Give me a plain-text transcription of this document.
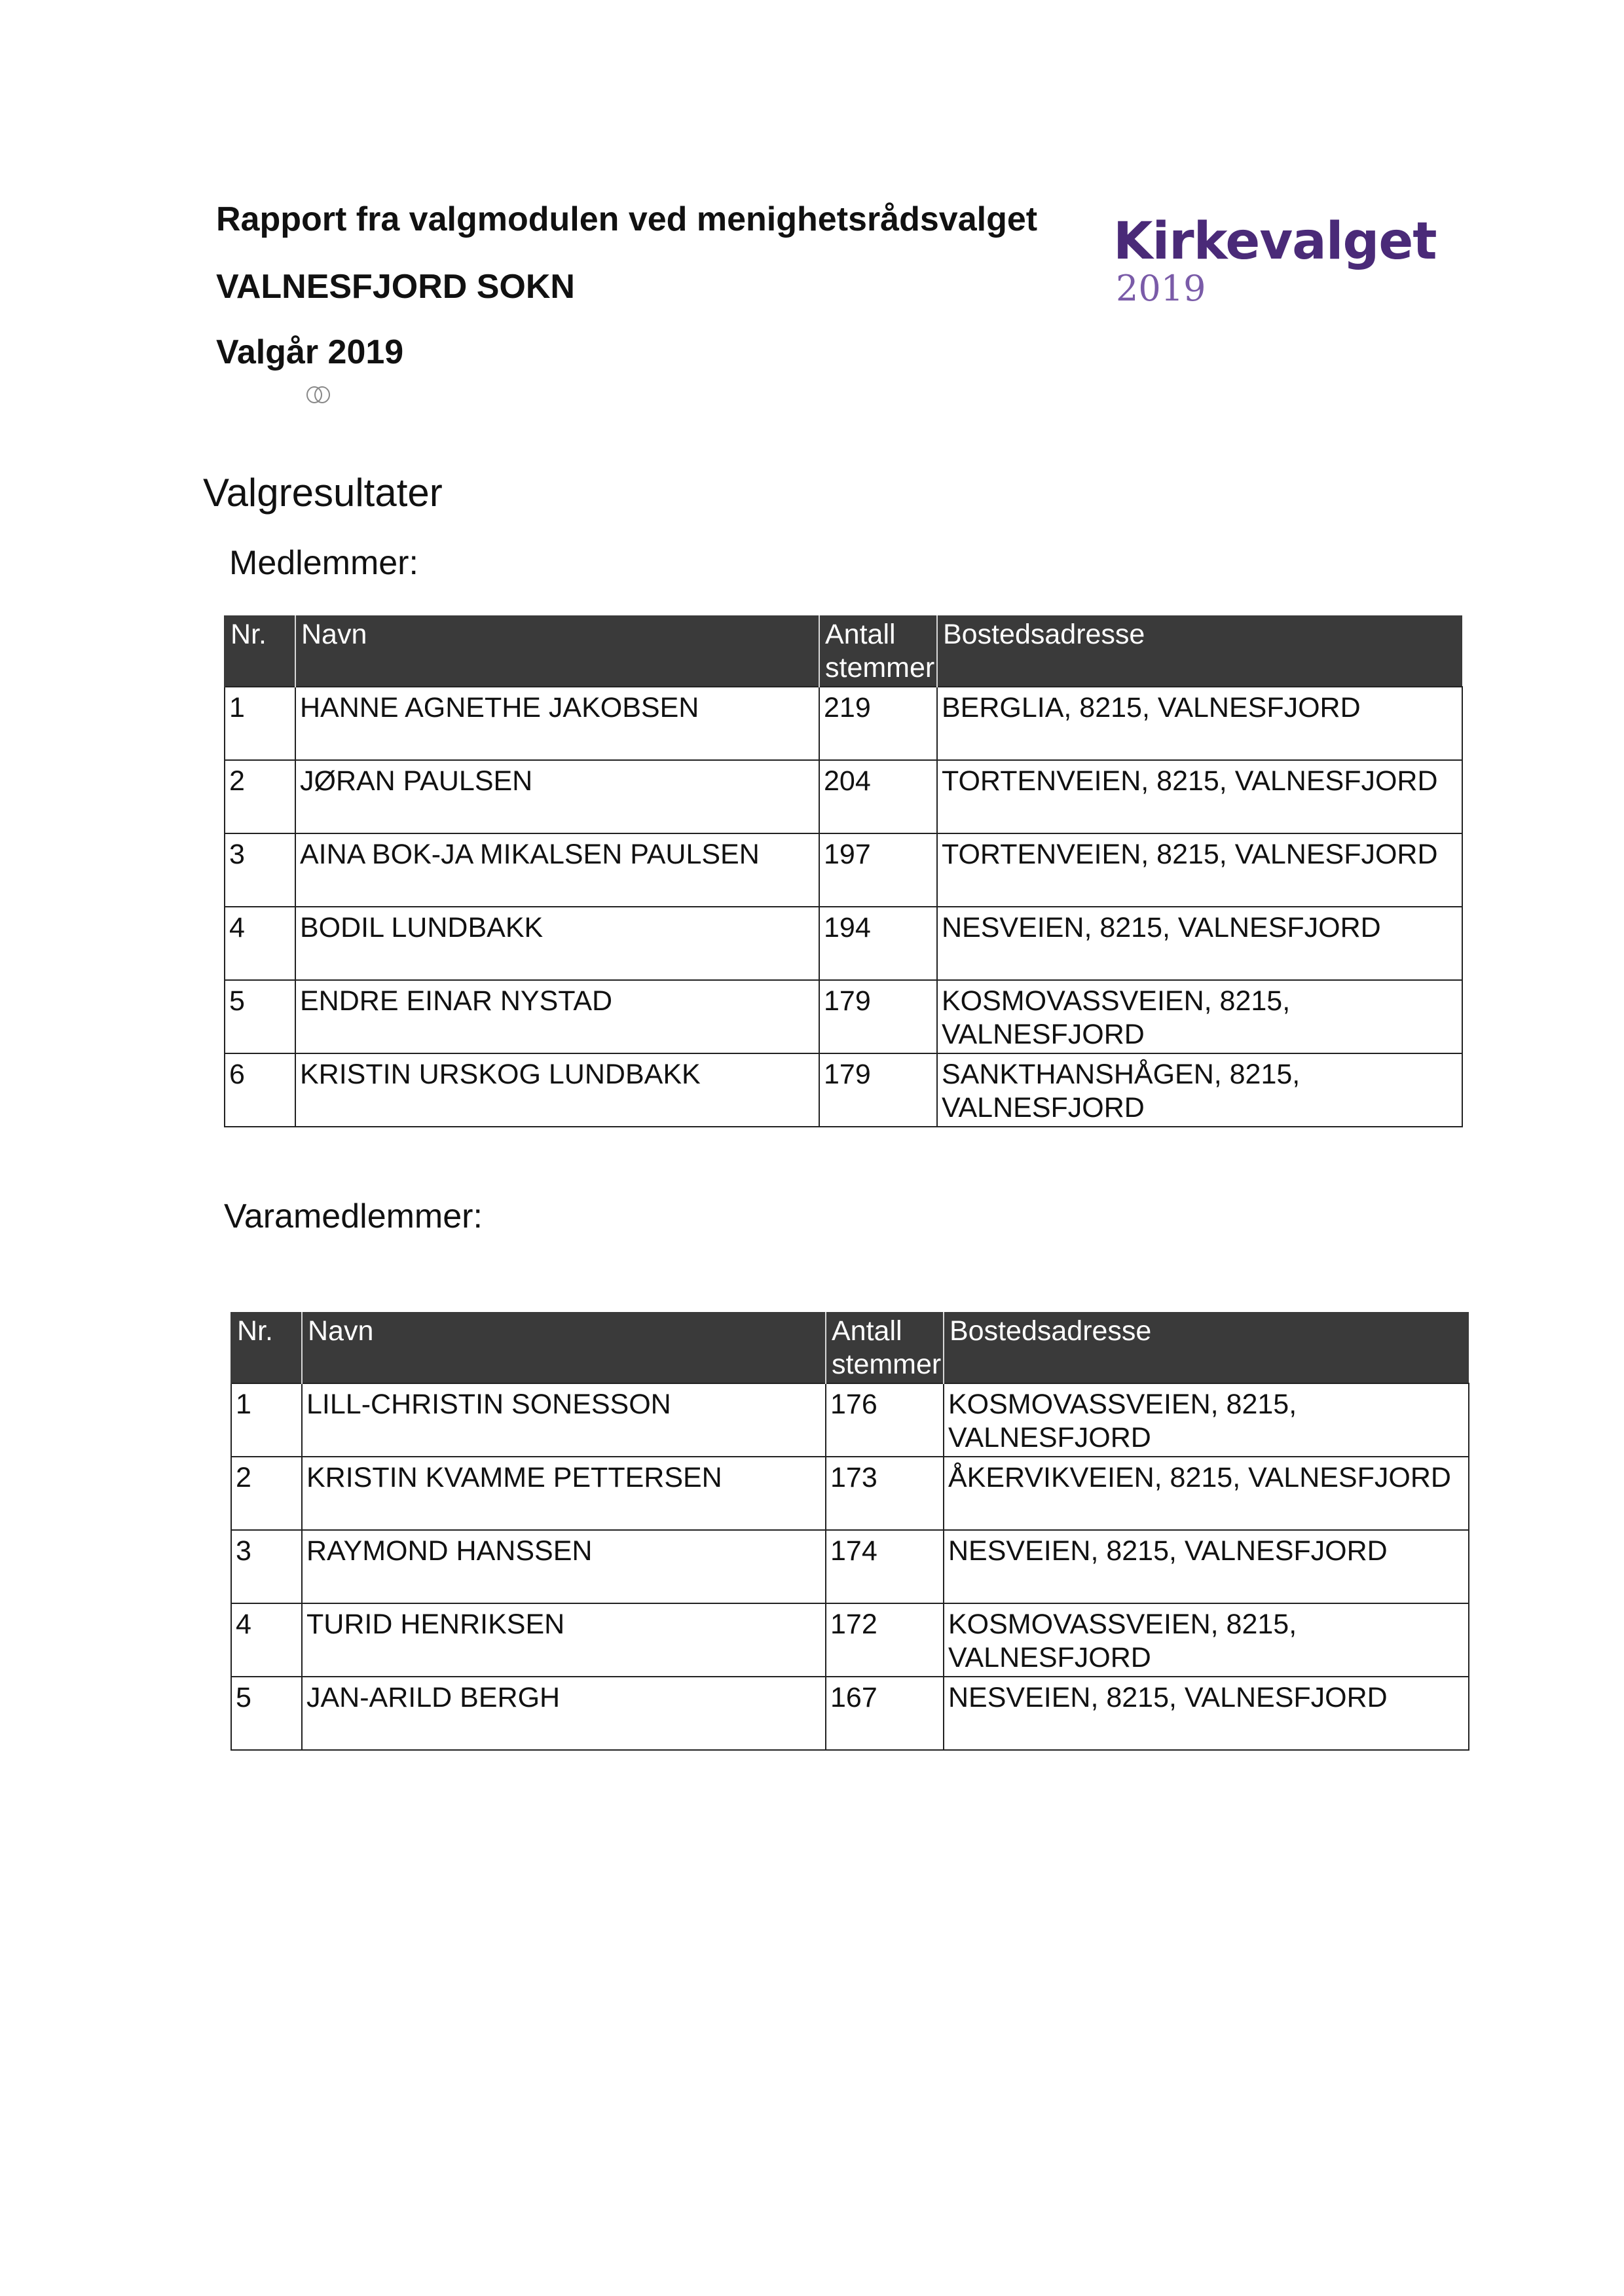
Rapport fra valgmodulen ved menighetsrådsvalget
VALNESFJORD SOKN
Valgår 2019
Kirkevalget
2019
Valgresultater
Medlemmer:
Nr.	Navn	Antall stemmer	Bostedsadresse
1	HANNE AGNETHE JAKOBSEN	219	BERGLIA, 8215, VALNESFJORD
2	JØRAN PAULSEN	204	TORTENVEIEN, 8215, VALNESFJORD
3	AINA BOK-JA MIKALSEN PAULSEN	197	TORTENVEIEN, 8215, VALNESFJORD
4	BODIL LUNDBAKK	194	NESVEIEN, 8215, VALNESFJORD
5	ENDRE EINAR NYSTAD	179	KOSMOVASSVEIEN, 8215, VALNESFJORD
6	KRISTIN URSKOG LUNDBAKK	179	SANKTHANSHÅGEN, 8215, VALNESFJORD
Varamedlemmer:
Nr.	Navn	Antall stemmer	Bostedsadresse
1	LILL-CHRISTIN SONESSON	176	KOSMOVASSVEIEN, 8215, VALNESFJORD
2	KRISTIN KVAMME PETTERSEN	173	ÅKERVIKVEIEN, 8215, VALNESFJORD
3	RAYMOND HANSSEN	174	NESVEIEN, 8215, VALNESFJORD
4	TURID HENRIKSEN	172	KOSMOVASSVEIEN, 8215, VALNESFJORD
5	JAN-ARILD BERGH	167	NESVEIEN, 8215, VALNESFJORD
